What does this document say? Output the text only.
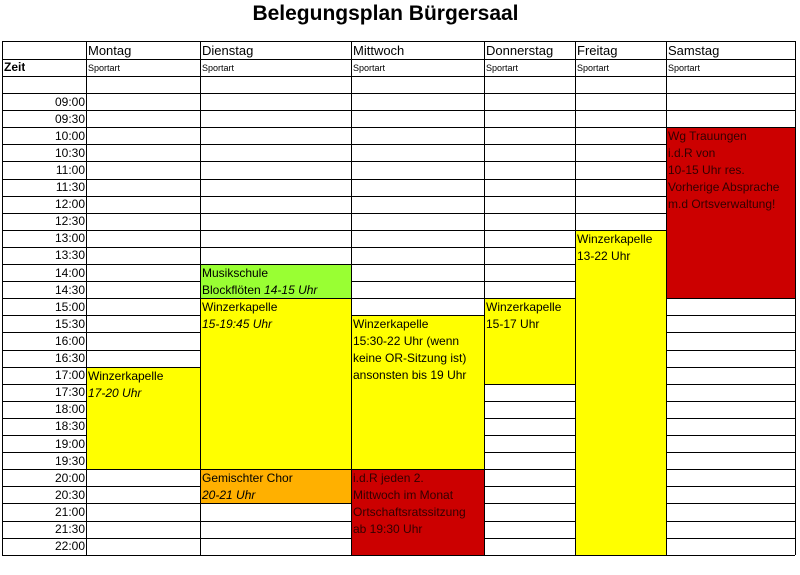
Belegungsplan Bürgersaal
Montag
Sportart
Dienstag
Sportart
Mittwoch
Sportart
Donnerstag
Sportart
Freitag
Sportart
Samstag
Sportart
Zeit
09:00
09:30
10:00
10:30
11:00
11:30
12:00
12:30
13:00
13:30
14:00
14:30
15:00
15:30
16:00
16:30
17:00
17:30
18:00
18:30
19:00
19:30
20:00
20:30
21:00
21:30
22:00
Winzerkapelle
17-20 Uhr
Musikschule
Blockflöten 14-15 Uhr
Winzerkapelle
15-19:45 Uhr
Gemischter Chor
20-21 Uhr
Winzerkapelle
15:30-22 Uhr (wenn
keine OR-Sitzung ist)
ansonsten bis 19 Uhr
i.d.R jeden 2.
Mittwoch im Monat
Ortschaftsratssitzung
ab 19:30 Uhr
Winzerkapelle
15-17 Uhr
Winzerkapelle
13-22 Uhr
Wg Trauungen
i.d.R von
10-15 Uhr res.
Vorherige Absprache
m.d Ortsverwaltung!
